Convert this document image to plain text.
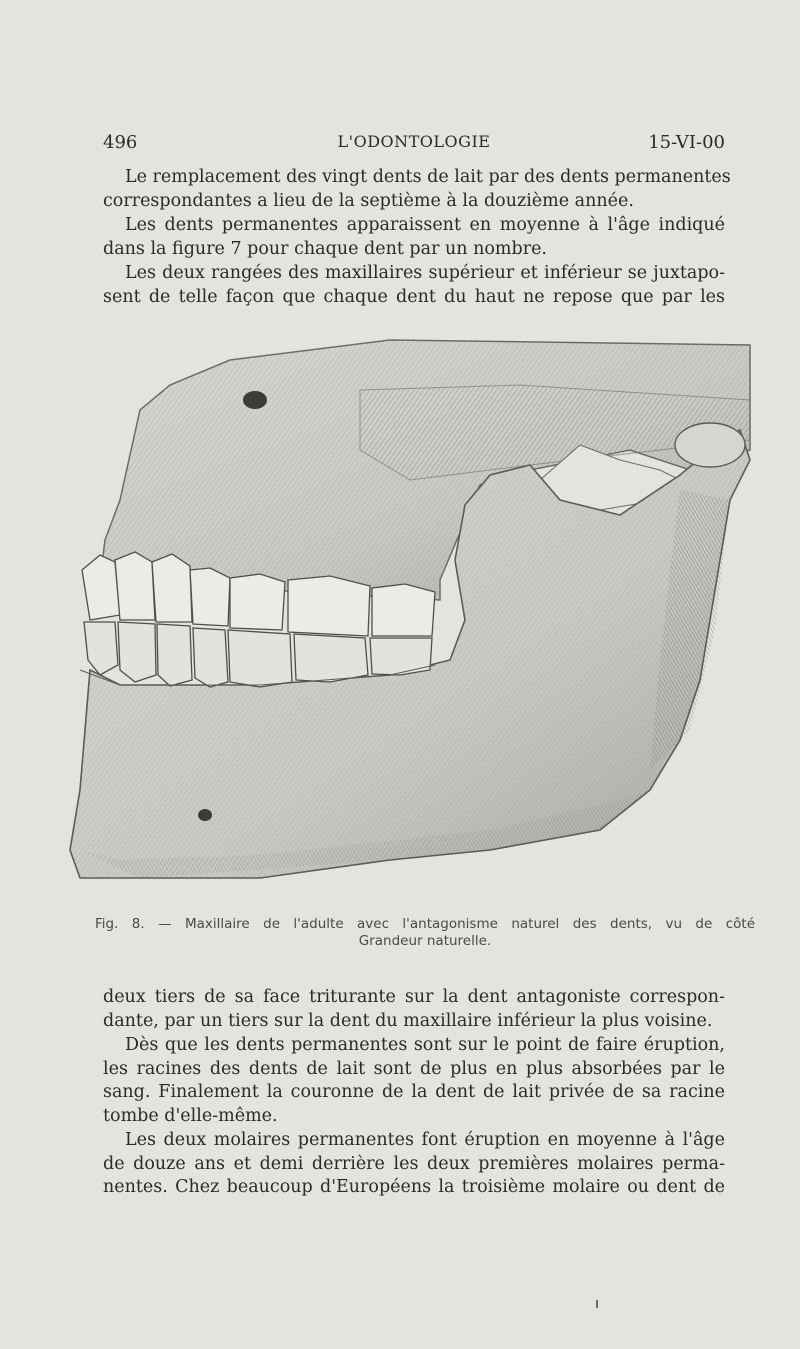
496	L'ODONTOLOGIE	15-VI-00
Le remplacement des vingt dents de lait par des dents permanentes
correspondantes a lieu de la septième à la douzième année.
Les dents permanentes apparaissent en moyenne à l'âge indiqué
dans la figure 7 pour chaque dent par un nombre.
Les deux rangées des maxillaires supérieur et inférieur se juxtapo-
sent de telle façon que chaque dent du haut ne repose que par les
Fig. 8. — Maxillaire de l'adulte avec l'antagonisme naturel des dents, vu de côté
Grandeur naturelle.
deux tiers de sa face triturante sur la dent antagoniste correspon-
dante, par un tiers sur la dent du maxillaire inférieur la plus voisine.
Dès que les dents permanentes sont sur le point de faire éruption,
les racines des dents de lait sont de plus en plus absorbées par le
sang. Finalement la couronne de la dent de lait privée de sa racine
tombe d'elle-même.
Les deux molaires permanentes font éruption en moyenne à l'âge
de douze ans et demi derrière les deux premières molaires perma-
nentes. Chez beaucoup d'Européens la troisième molaire ou dent de
